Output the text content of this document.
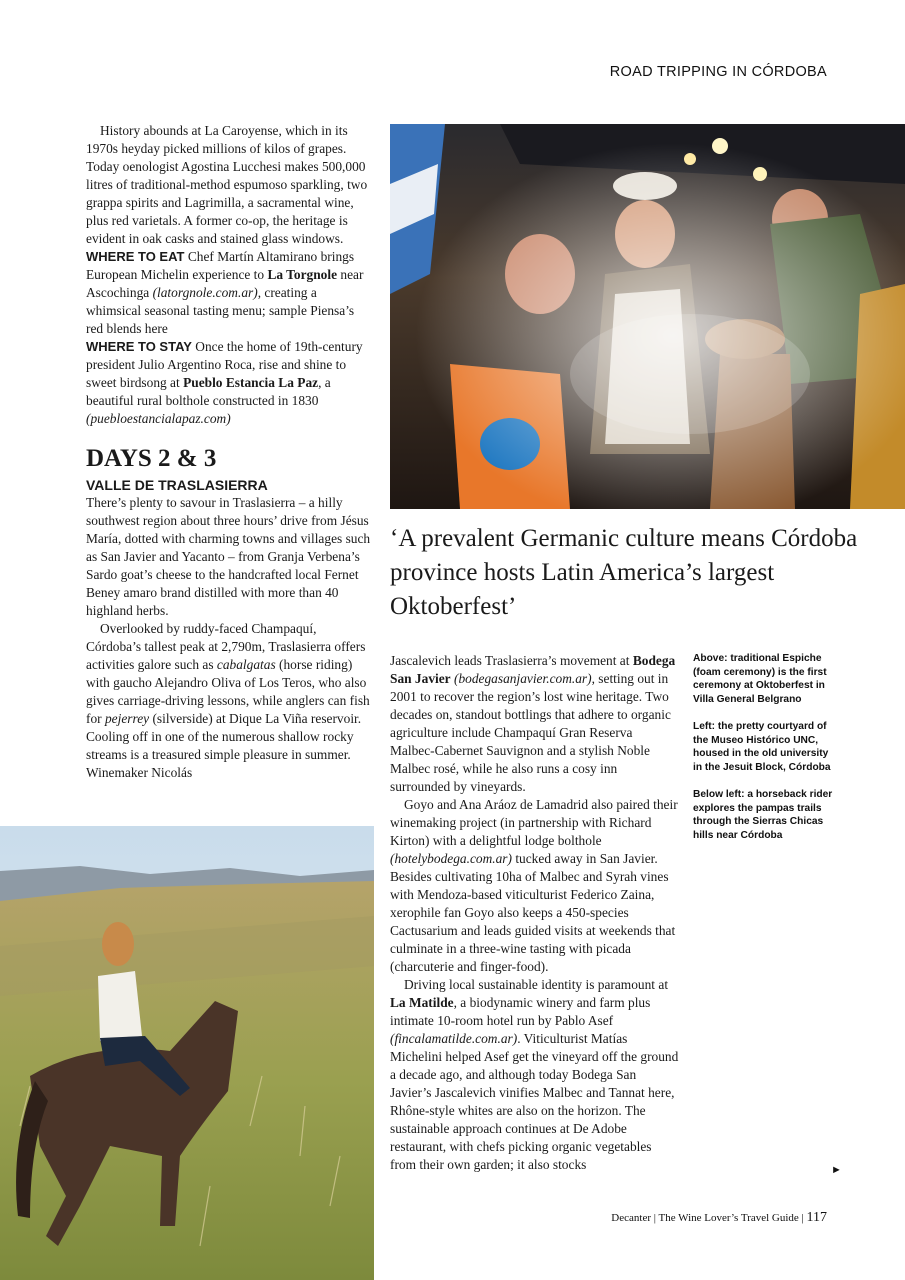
ROAD TRIPPING IN CÓRDOBA
‘A prevalent Germanic culture means Córdoba province hosts Latin America’s largest Oktoberfest’

History abounds at La Caroyense, which in its 1970s heyday picked millions of kilos of grapes. Today oenologist Agostina Lucchesi makes 500,000 litres of traditional-method espumoso sparkling, two grappa spirits and Lagrimilla, a sacramental wine, plus red varietals. A former co-op, the heritage is evident in oak casks and stained glass windows.

WHERE TO EAT Chef Martín Altamirano brings European Michelin experience to La Torgnole near Ascochinga (latorgnole.com.ar), creating a whimsical seasonal tasting menu; sample Piensa’s red blends here

WHERE TO STAY Once the home of 19th-century president Julio Argentino Roca, rise and shine to sweet birdsong at Pueblo Estancia La Paz, a beautiful rural bolthole constructed in 1830 (puebloestancialapaz.com)

DAYS 2 & 3

VALLE DE TRASLASIERRA

There’s plenty to savour in Traslasierra – a hilly southwest region about three hours’ drive from Jésus María, dotted with charming towns and villages such as San Javier and Yacanto – from Granja Verbena’s Sardo goat’s cheese to the handcrafted local Fernet Beney amaro brand distilled with more than 40 highland herbs.

Overlooked by ruddy-faced Champaquí, Córdoba’s tallest peak at 2,790m, Traslasierra offers activities galore such as cabalgatas (horse riding) with gaucho Alejandro Oliva of Los Teros, who also gives carriage-driving lessons, while anglers can fish for pejerrey (silverside) at Dique La Viña reservoir. Cooling off in one of the numerous shallow rocky streams is a treasured simple pleasure in summer. Winemaker Nicolás

Jascalevich leads Traslasierra’s movement at Bodega San Javier (bodegasanjavier.com.ar), setting out in 2001 to recover the region’s lost wine heritage. Two decades on, standout bottlings that adhere to organic agriculture include Champaquí Gran Reserva Malbec-Cabernet Sauvignon and a stylish Noble Malbec rosé, while he also runs a cosy inn surrounded by vineyards.

Goyo and Ana Aráoz de Lamadrid also paired their winemaking project (in partnership with Richard Kirton) with a delightful lodge bolthole (hotelybodega.com.ar) tucked away in San Javier. Besides cultivating 10ha of Malbec and Syrah vines with Mendoza-based viticulturist Federico Zaina, xerophile fan Goyo also keeps a 450-species Cactusarium and leads guided visits at weekends that culminate in a three-wine tasting with picada (charcuterie and finger-food).

Driving local sustainable identity is paramount at La Matilde, a biodynamic winery and farm plus intimate 10-room hotel run by Pablo Asef (fincalamatilde.com.ar). Viticulturist Matías Michelini helped Asef get the vineyard off the ground a decade ago, and although today Bodega San Javier’s Jascalevich vinifies Malbec and Tannat here, Rhône-style whites are also on the horizon. The sustainable approach continues at De Adobe restaurant, with chefs picking organic vegetables from their own garden; it also stocks	►

Above: traditional Espiche (foam ceremony) is the first ceremony at Oktoberfest in Villa General Belgrano

Left: the pretty courtyard of the Museo Histórico UNC, housed in the old university in the Jesuit Block, Córdoba

Below left: a horseback rider explores the pampas trails through the Sierras Chicas hills near Córdoba

Decanter | The Wine Lover’s Travel Guide | 117
